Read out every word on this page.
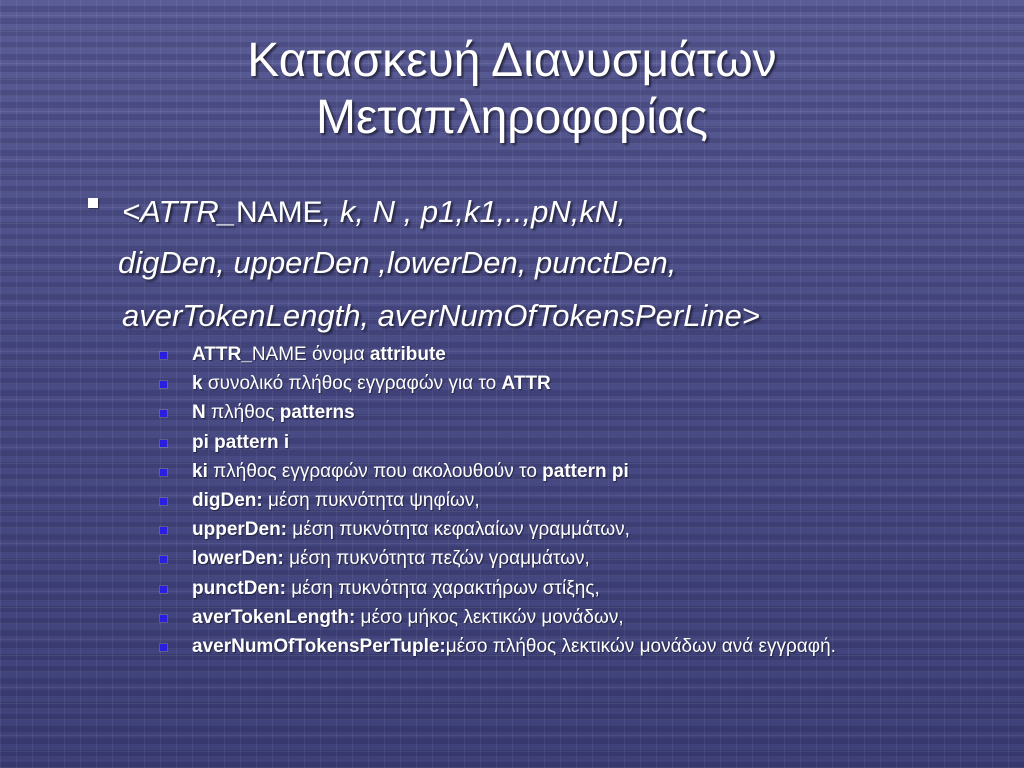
Κατασκευή Διανυσμάτων
Μεταπληροφορίας
<ATTR_NAME, k, N , p1,k1,..,pN,kN,
digDen, upperDen ,lowerDen, punctDen,
averTokenLength, averNumOfTokensPerLine>
ATTR_NAME όνομα attribute
k συνολικό πλήθος εγγραφών για το ATTR
N πλήθος patterns
pi pattern i
ki πλήθος εγγραφών που ακολουθούν το pattern pi
digDen: μέση πυκνότητα ψηφίων,
upperDen: μέση πυκνότητα κεφαλαίων γραμμάτων,
lowerDen: μέση πυκνότητα πεζών γραμμάτων,
punctDen: μέση πυκνότητα χαρακτήρων στίξης,
averTokenLength: μέσο μήκος λεκτικών μονάδων,
averNumOfTokensPerTuple:μέσο πλήθος λεκτικών μονάδων ανά εγγραφή.
